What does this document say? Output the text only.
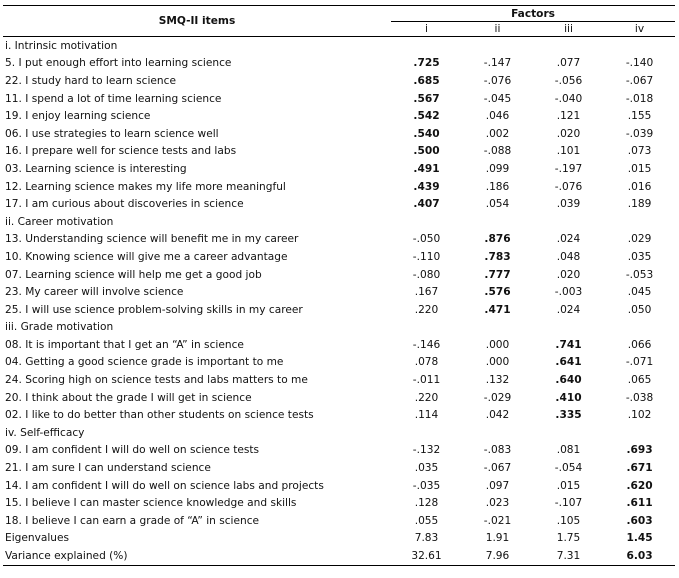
SMQ-II items	Factors			
	i	ii	iii	iv
i. Intrinsic motivation				
5. I put enough effort into learning science	.725	-.147	.077	-.140
22. I study hard to learn science	.685	-.076	-.056	-.067
11. I spend a lot of time learning science	.567	-.045	-.040	-.018
19. I enjoy learning science	.542	.046	.121	.155
06. I use strategies to learn science well	.540	.002	.020	-.039
16. I prepare well for science tests and labs	.500	-.088	.101	.073
03. Learning science is interesting	.491	.099	-.197	.015
12. Learning science makes my life more meaningful	.439	.186	-.076	.016
17. I am curious about discoveries in science	.407	.054	.039	.189
ii. Career motivation				
13. Understanding science will benefit me in my career	-.050	.876	.024	.029
10. Knowing science will give me a career advantage	-.110	.783	.048	.035
07. Learning science will help me get a good job	-.080	.777	.020	-.053
23. My career will involve science	.167	.576	-.003	.045
25. I will use science problem-solving skills in my career	.220	.471	.024	.050
iii. Grade motivation				
08. It is important that I get an “A” in science	-.146	.000	.741	.066
04. Getting a good science grade is important to me	.078	.000	.641	-.071
24. Scoring high on science tests and labs matters to me	-.011	.132	.640	.065
20. I think about the grade I will get in science	.220	-.029	.410	-.038
02. I like to do better than other students on science tests	.114	.042	.335	.102
iv. Self-efficacy				
09. I am confident I will do well on science tests	-.132	-.083	.081	.693
21. I am sure I can understand science	.035	-.067	-.054	.671
14. I am confident I will do well on science labs and projects	-.035	.097	.015	.620
15. I believe I can master science knowledge and skills	.128	.023	-.107	.611
18. I believe I can earn a grade of “A” in science	.055	-.021	.105	.603
Eigenvalues	7.83	1.91	1.75	1.45
Variance explained (%)	32.61	7.96	7.31	6.03
